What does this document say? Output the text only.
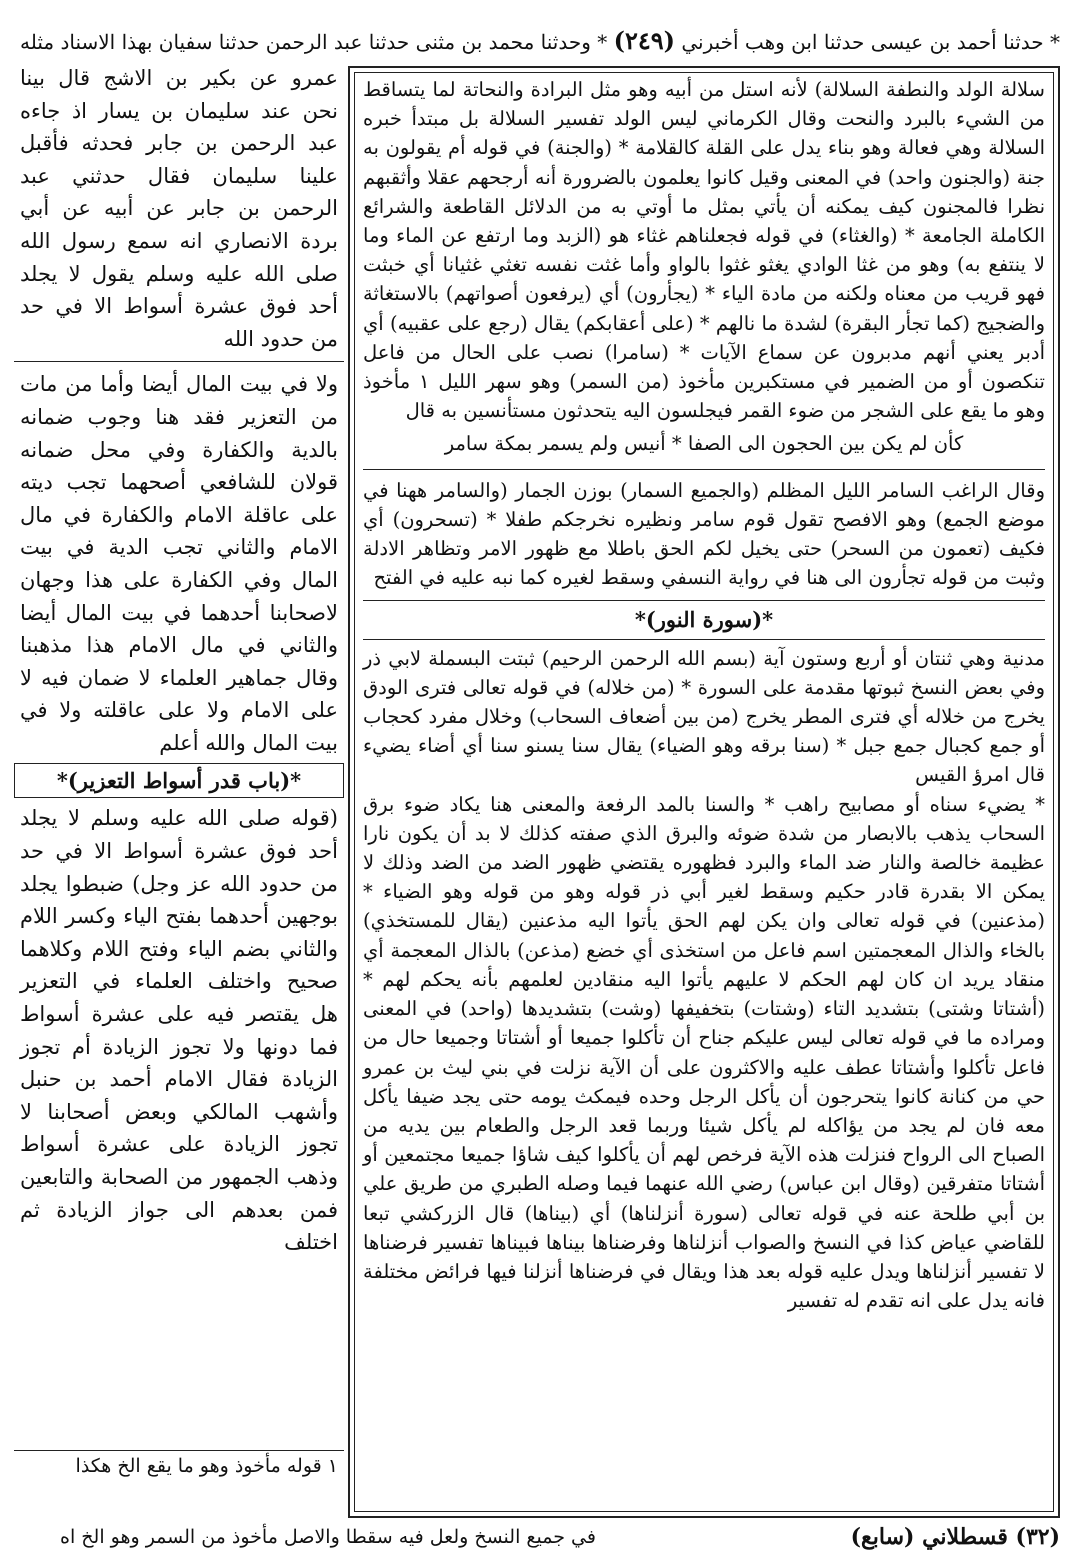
* حدثنا أحمد بن عيسى حدثنا ابن وهب أخبرني (٢٤٩) * وحدثنا محمد بن مثنى حدثنا عبد الرحمن حدثنا سفيان بهذا الاسناد مثله

سلالة الولد والنطفة السلالة) لأنه استل من أبيه وهو مثل البرادة والنحاتة لما يتساقط من الشيء بالبرد والنحت وقال الكرماني ليس الولد تفسير السلالة بل مبتدأ خبره السلالة وهي فعالة وهو بناء يدل على القلة كالقلامة * (والجنة) في قوله أم يقولون به جنة (والجنون واحد) في المعنى وقيل كانوا يعلمون بالضرورة أنه أرجحهم عقلا وأثقبهم نظرا فالمجنون كيف يمكنه أن يأتي بمثل ما أوتي به من الدلائل القاطعة والشرائع الكاملة الجامعة * (والغثاء) في قوله فجعلناهم غثاء هو (الزبد وما ارتفع عن الماء وما لا ينتفع به) وهو من غثا الوادي يغثو غثوا بالواو وأما غثت نفسه تغثي غثيانا أي خبثت فهو قريب من معناه ولكنه من مادة الياء * (يجأرون) أي (يرفعون أصواتهم) بالاستغاثة والضجيج (كما تجأر البقرة) لشدة ما نالهم * (على أعقابكم) يقال (رجع على عقبيه) أي أدبر يعني أنهم مدبرون عن سماع الآيات * (سامرا) نصب على الحال من فاعل تنكصون أو من الضمير في مستكبرين مأخوذ (من السمر) وهو سهر الليل ١ مأخوذ وهو ما يقع على الشجر من ضوء القمر فيجلسون اليه يتحدثون مستأنسين به قال

كأن لم يكن بين الحجون الى الصفا * أنيس ولم يسمر بمكة سامر

وقال الراغب السامر الليل المظلم (والجميع السمار) بوزن الجمار (والسامر ههنا في موضع الجمع) وهو الافصح تقول قوم سامر ونظيره نخرجكم طفلا * (تسحرون) أي فكيف (تعمون من السحر) حتى يخيل لكم الحق باطلا مع ظهور الامر وتظاهر الادلة وثبت من قوله تجأرون الى هنا في رواية النسفي وسقط لغيره كما نبه عليه في الفتح

*(سورة النور)*

مدنية وهي ثنتان أو أربع وستون آية (بسم الله الرحمن الرحيم) ثبتت البسملة لابي ذر وفي بعض النسخ ثبوتها مقدمة على السورة * (من خلاله) في قوله تعالى فترى الودق يخرج من خلاله أي فترى المطر يخرج (من بين أضعاف السحاب) وخلال مفرد كحجاب أو جمع كجبال جمع جبل * (سنا برقه وهو الضياء) يقال سنا يسنو سنا أي أضاء يضيء قال امرؤ القيس

* يضيء سناه أو مصابيح راهب * والسنا بالمد الرفعة والمعنى هنا يكاد ضوء برق السحاب يذهب بالابصار من شدة ضوئه والبرق الذي صفته كذلك لا بد أن يكون نارا عظيمة خالصة والنار ضد الماء والبرد فظهوره يقتضي ظهور الضد من الضد وذلك لا يمكن الا بقدرة قادر حكيم وسقط لغير أبي ذر قوله وهو من قوله وهو الضياء * (مذعنين) في قوله تعالى وان يكن لهم الحق يأتوا اليه مذعنين (يقال للمستخذي) بالخاء والذال المعجمتين اسم فاعل من استخذى أي خضع (مذعن) بالذال المعجمة أي منقاد يريد ان كان لهم الحكم لا عليهم يأتوا اليه منقادين لعلمهم بأنه يحكم لهم * (أشتاتا وشتى) بتشديد التاء (وشتات) بتخفيفها (وشت) بتشديدها (واحد) في المعنى ومراده ما في قوله تعالى ليس عليكم جناح أن تأكلوا جميعا أو أشتاتا وجميعا حال من فاعل تأكلوا وأشتاتا عطف عليه والاكثرون على أن الآية نزلت في بني ليث بن عمرو حي من كنانة كانوا يتحرجون أن يأكل الرجل وحده فيمكث يومه حتى يجد ضيفا يأكل معه فان لم يجد من يؤاكله لم يأكل شيئا وربما قعد الرجل والطعام بين يديه من الصباح الى الرواح فنزلت هذه الآية فرخص لهم أن يأكلوا كيف شاؤا جميعا مجتمعين أو أشتاتا متفرقين (وقال ابن عباس) رضي الله عنهما فيما وصله الطبري من طريق علي بن أبي طلحة عنه في قوله تعالى (سورة أنزلناها) أي (بيناها) قال الزركشي تبعا للقاضي عياض كذا في النسخ والصواب أنزلناها وفرضناها بيناها فبيناها تفسير فرضناها لا تفسير أنزلناها ويدل عليه قوله بعد هذا ويقال في فرضناها أنزلنا فيها فرائض مختلفة فانه يدل على انه تقدم له تفسير

عمرو عن بكير بن الاشج قال بينا نحن عند سليمان بن يسار اذ جاءه عبد الرحمن بن جابر فحدثه فأقبل علينا سليمان فقال حدثني عبد الرحمن بن جابر عن أبيه عن أبي بردة الانصاري انه سمع رسول الله صلى الله عليه وسلم يقول لا يجلد أحد فوق عشرة أسواط الا في حد من حدود الله

ولا في بيت المال أيضا وأما من مات من التعزير فقد هنا وجوب ضمانه بالدية والكفارة وفي محل ضمانه قولان للشافعي أصحهما تجب ديته على عاقلة الامام والكفارة في مال الامام والثاني تجب الدية في بيت المال وفي الكفارة على هذا وجهان لاصحابنا أحدهما في بيت المال أيضا والثاني في مال الامام هذا مذهبنا وقال جماهير العلماء لا ضمان فيه لا على الامام ولا على عاقلته ولا في بيت المال والله أعلم

*(باب قدر أسواط التعزير)*

(قوله صلى الله عليه وسلم لا يجلد أحد فوق عشرة أسواط الا في حد من حدود الله عز وجل) ضبطوا يجلد بوجهين أحدهما بفتح الياء وكسر اللام والثاني بضم الياء وفتح اللام وكلاهما صحيح واختلف العلماء في التعزير هل يقتصر فيه على عشرة أسواط فما دونها ولا تجوز الزيادة أم تجوز الزيادة فقال الامام أحمد بن حنبل وأشهب المالكي وبعض أصحابنا لا تجوز الزيادة على عشرة أسواط وذهب الجمهور من الصحابة والتابعين فمن بعدهم الى جواز الزيادة ثم اختلف

١ قوله مأخوذ وهو ما يقع الخ هكذا
(٣٢) قسطلاني (سابع)
في جميع النسخ ولعل فيه سقطا والاصل مأخوذ من السمر وهو الخ اه
